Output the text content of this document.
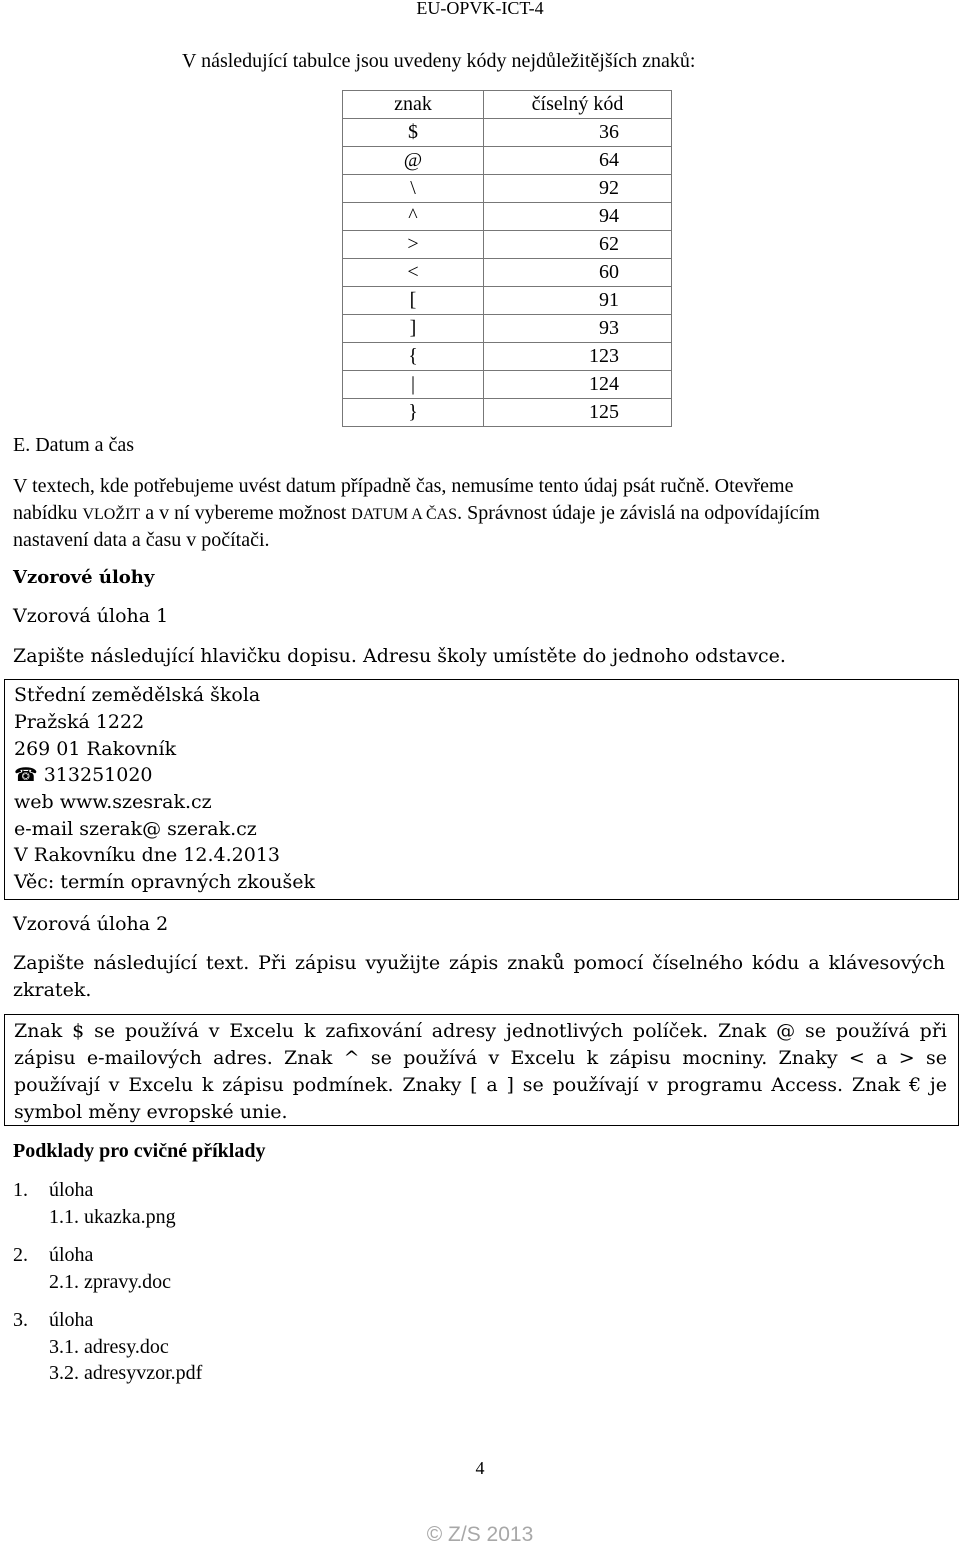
EU-OPVK-ICT-4
V následující tabulce jsou uvedeny kódy nejdůležitějších znaků:
znak	číselný kód
$	36
@	64
\	92
^	94
>	62
<	60
[	91
]	93
{	123
|	124
}	125
E. Datum a čas
V textech, kde potřebujeme uvést datum případně čas, nemusíme tento údaj psát ručně. Otevřeme
nabídku VLOŽIT a v ní vybereme možnost DATUM A ČAS. Správnost údaje je závislá na odpovídajícím
nastavení data a času v počítači.
Vzorové úlohy
Vzorová úloha 1
Zapište následující hlavičku dopisu. Adresu školy umístěte do jednoho odstavce.
Střední zemědělská škola
Pražská 1222
269 01 Rakovník
☎ 313251020
web www.szesrak.cz
e-mail szerak@ szerak.cz
V Rakovníku dne 12.4.2013
Věc: termín opravných zkoušek
Vzorová úloha 2
Zapište následující text. Při zápisu využijte zápis znaků pomocí číselného kódu a klávesových zkratek.
Znak $ se používá v Excelu k zafixování adresy jednotlivých políček. Znak @ se používá při zápisu e-mailových adres. Znak ^ se používá v Excelu k zápisu mocniny. Znaky < a > se používají v Excelu k zápisu podmínek. Znaky [ a ] se používají v programu Access. Znak € je symbol měny evropské unie.
Podklady pro cvičné příklady
1. úloha
1.1. ukazka.png
2. úloha
2.1. zpravy.doc
3. úloha
3.1. adresy.doc
3.2. adresyvzor.pdf
4
© Z/S 2013
